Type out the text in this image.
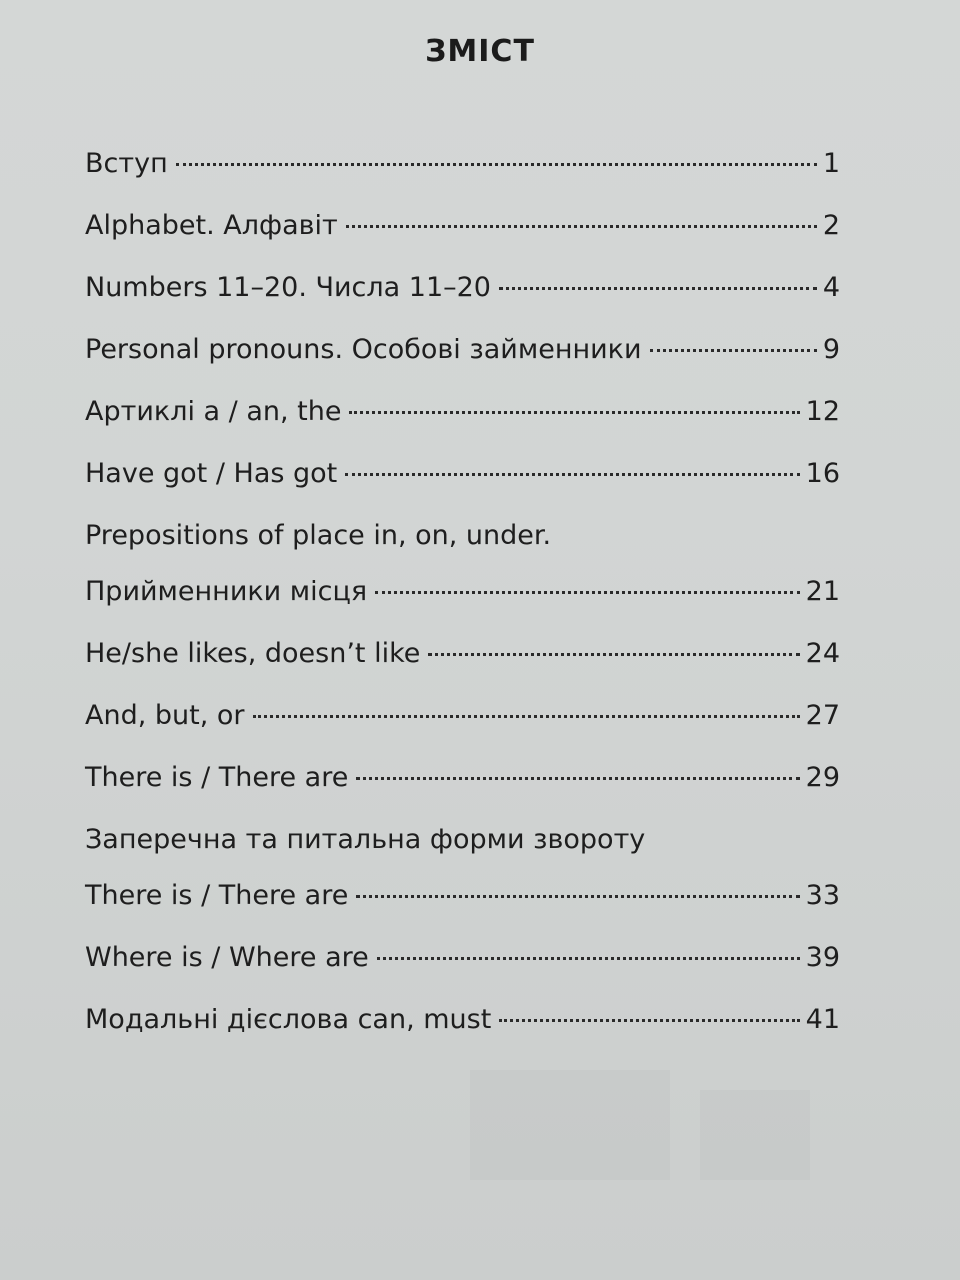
ЗМІСТ
Вступ	1
Alphabet. Алфавіт	2
Numbers 11–20. Числа 11–20	4
Personal pronouns. Особові займенники	9
Артиклі a / an, the	12
Have got / Has got	16
Prepositions of place in, on, under.
Прийменники місця	21
He/she likes, doesn’t like	24
And, but, or	27
There is / There are	29
Заперечна та питальна форми звороту
There is / There are	33
Where is / Where are	39
Модальні дієслова can, must	41
